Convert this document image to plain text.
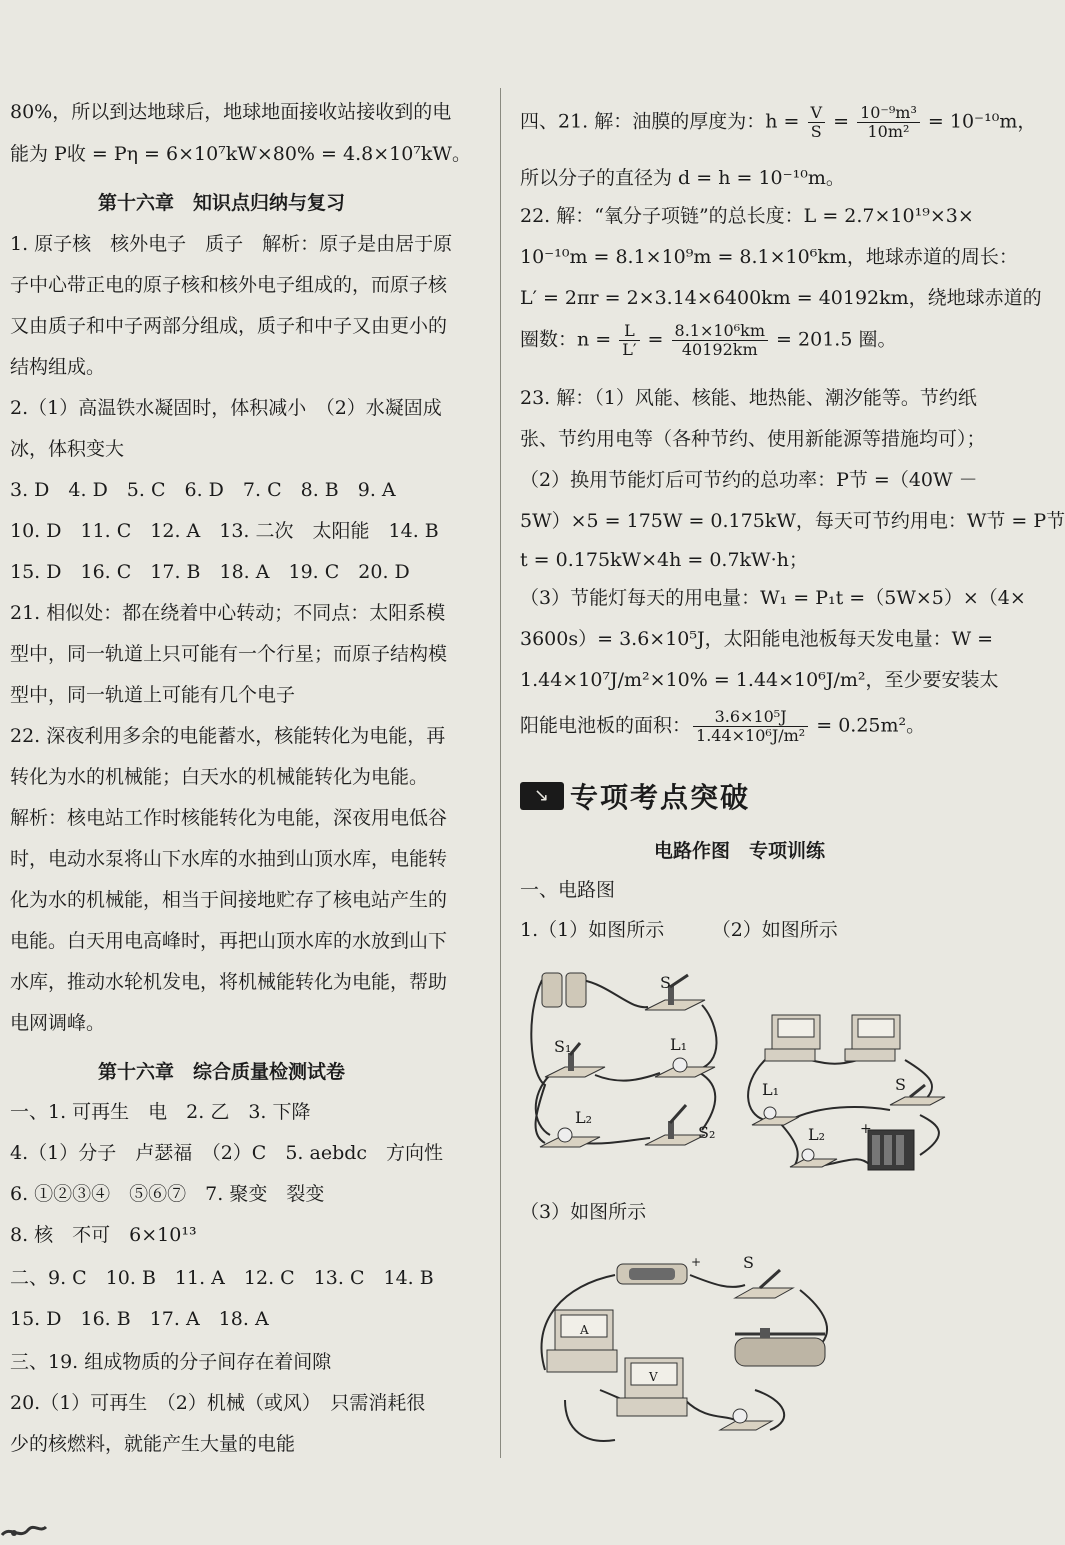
80%，所以到达地球后，地球地面接收站接收到的电
能为 P收 = Pη = 6×10⁷kW×80% = 4.8×10⁷kW。
第十六章　知识点归纳与复习
1. 原子核　核外电子　质子　解析：原子是由居于原
子中心带正电的原子核和核外电子组成的，而原子核
又由质子和中子两部分组成，质子和中子又由更小的
结构组成。
2.（1）高温铁水凝固时，体积减小　（2）水凝固成
冰，体积变大
3. D　4. D　5. C　6. D　7. C　8. B　9. A
10. D　11. C　12. A　13. 二次　太阳能　14. B
15. D　16. C　17. B　18. A　19. C　20. D
21. 相似处：都在绕着中心转动；不同点：太阳系模
型中，同一轨道上只可能有一个行星；而原子结构模
型中，同一轨道上可能有几个电子
22. 深夜利用多余的电能蓄水，核能转化为电能，再
转化为水的机械能；白天水的机械能转化为电能。
解析：核电站工作时核能转化为电能，深夜用电低谷
时，电动水泵将山下水库的水抽到山顶水库，电能转
化为水的机械能，相当于间接地贮存了核电站产生的
电能。白天用电高峰时，再把山顶水库的水放到山下
水库，推动水轮机发电，将机械能转化为电能，帮助
电网调峰。
第十六章　综合质量检测试卷
一、1. 可再生　电　2. 乙　3. 下降
4.（1）分子　卢瑟福　（2）C　5. aebdc　方向性
6. ①②③④　⑤⑥⑦　7. 聚变　裂变
8. 核　不可　6×10¹³
二、9. C　10. B　11. A　12. C　13. C　14. B
15. D　16. B　17. A　18. A
三、19. 组成物质的分子间存在着间隙
20.（1）可再生　（2）机械（或风）　只需消耗很
少的核燃料，就能产生大量的电能
四、21. 解：油膜的厚度为：$h = \frac{V}{S} = \frac{\text{10⁻⁹m³}}{\text{10m²}} = 10^{-10}m$，
所以分子的直径为 d = h = 10⁻¹⁰m。
22. 解：“氧分子项链”的总长度：L = 2.7×10¹⁹×3×
10⁻¹⁰m = 8.1×10⁹m = 8.1×10⁶km，地球赤道的周长：
L′ = 2πr = 2×3.14×6400km = 40192km，绕地球赤道的
圈数：$n = \frac{L}{L'} = \frac{\text{8.1×10⁶km}}{40192km} = 201.5$ 圈。
23. 解：（1）风能、核能、地热能、潮汐能等。节约纸
张、节约用电等（各种节约、使用新能源等措施均可）；
（2）换用节能灯后可节约的总功率：P节 =（40W －
5W）×5 = 175W = 0.175kW，每天可节约用电：W节 = P节
t = 0.175kW×4h = 0.7kW·h；
（3）节能灯每天的用电量：W₁ = P₁t =（5W×5）×（4×
3600s）= 3.6×10⁵J，太阳能电池板每天发电量：W =
1.44×10⁷J/m²×10% = 1.44×10⁶J/m²，至少要安装太
阳能电池板的面积： $\frac{\text{3.6×10⁵J}}{\text{1.44×10⁶J/m²}} = 0.25m^2$。
↘ 专项考点突破
电路作图　专项训练
一、电路图
1.（1）如图所示　　　（2）如图所示
（3）如图所示
S
S₁	L₁
L₂
S₂
L₁
L₂
S
+
+	S
A
V
